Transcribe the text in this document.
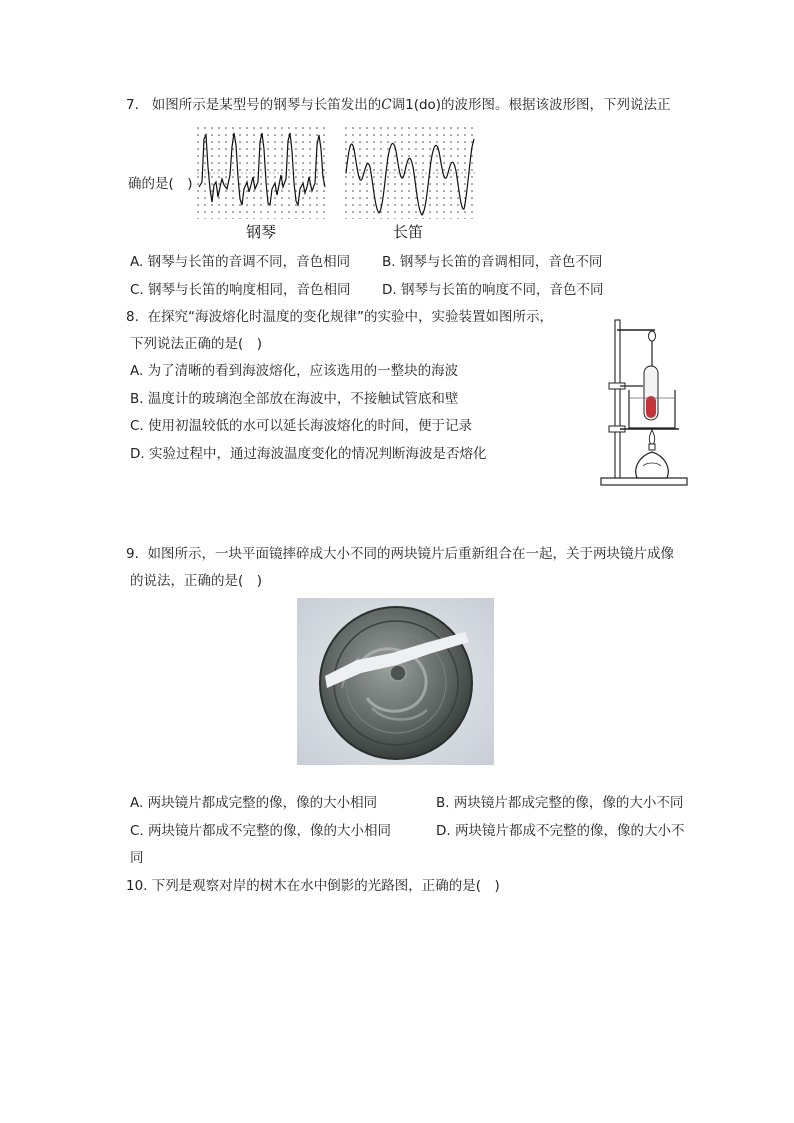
7. 如图所示是某型号的钢琴与长笛发出的C调1(do)的波形图。根据该波形图，下列说法正
确的是(　)
钢琴	长笛
A. 钢琴与长笛的音调不同，音色相同 B. 钢琴与长笛的音调相同，音色不同
C. 钢琴与长笛的响度相同，音色相同 D. 钢琴与长笛的响度不同，音色不同
8. 在探究“海波熔化时温度的变化规律”的实验中，实验装置如图所示，
下列说法正确的是(　)
A. 为了清晰的看到海波熔化，应该选用的一整块的海波
B. 温度计的玻璃泡全部放在海波中，不接触试管底和壁
C. 使用初温较低的水可以延长海波熔化的时间，便于记录
D. 实验过程中，通过海波温度变化的情况判断海波是否熔化
9. 如图所示，一块平面镜摔碎成大小不同的两块镜片后重新组合在一起，关于两块镜片成像
的说法，正确的是(　)
A. 两块镜片都成完整的像，像的大小相同	B. 两块镜片都成完整的像，像的大小不同
C. 两块镜片都成不完整的像，像的大小相同	D. 两块镜片都成不完整的像，像的大小不
同
10. 下列是观察对岸的树木在水中倒影的光路图，正确的是(　)
